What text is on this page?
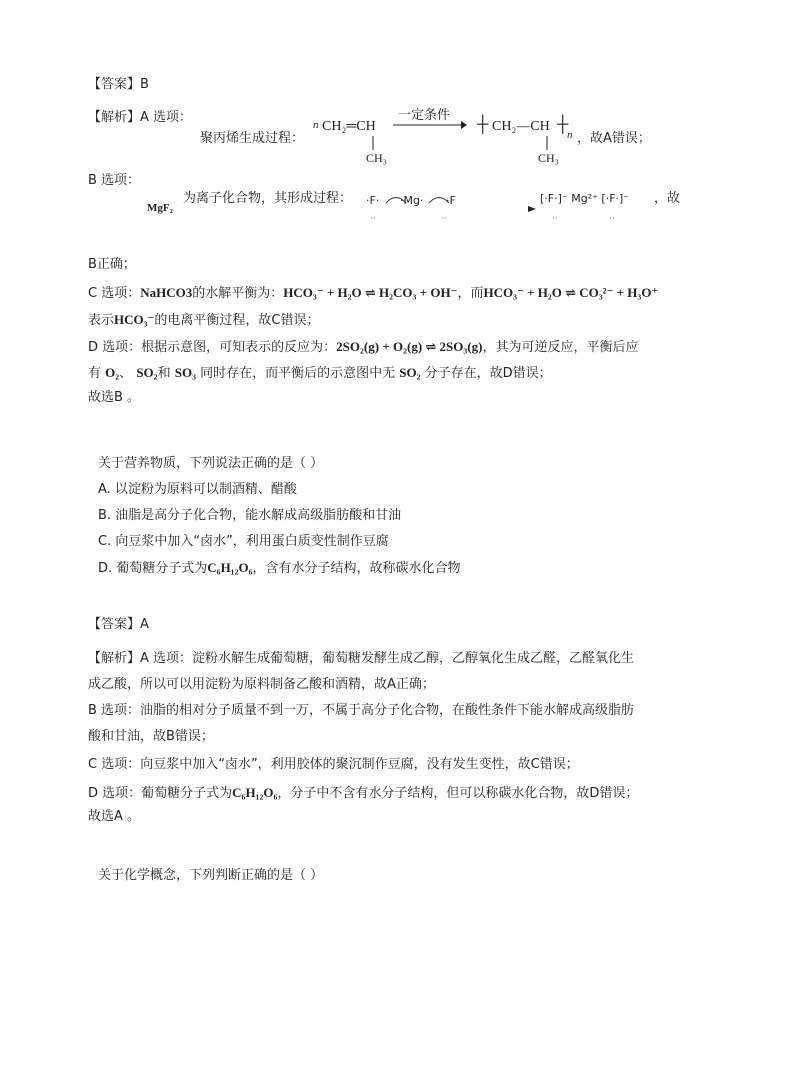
【答案】B
【解析】A 选项：
聚丙烯生成过程：
n CH₂═CH
CH₃
一定条件
┼ CH₂—CH ┼
n
CH₃
，故A错误；
B 选项：
MgF₂
为离子化合物，其形成过程： ·F· ·Mg· ·F
··                       ··
[·F·]⁻ Mg²⁺ [·F·]⁻
··                  ··
，故
B正确；
C 选项：NaHCO3的水解平衡为：HCO₃⁻ + H₂O ⇌ H₂CO₃ + OH⁻，而HCO₃⁻ + H₂O ⇌ CO₃²⁻ + H₃O⁺
表示HCO₃⁻的电离平衡过程，故C错误；
D 选项：根据示意图，可知表示的反应为：2SO₂(g) + O₂(g) ⇌ 2SO₃(g)，其为可逆反应，平衡后应
有 O₂、 SO₂和 SO₃ 同时存在，而平衡后的示意图中无 SO₂ 分子存在，故D错误；
故选B 。
关于营养物质，下列说法正确的是（ ）
A. 以淀粉为原料可以制酒精、醋酸
B. 油脂是高分子化合物，能水解成高级脂肪酸和甘油
C. 向豆浆中加入“卤水”，利用蛋白质变性制作豆腐
D. 葡萄糖分子式为C₆H₁₂O₆，含有水分子结构，故称碳水化合物
【答案】A
【解析】A 选项：淀粉水解生成葡萄糖，葡萄糖发酵生成乙醇，乙醇氧化生成乙醛，乙醛氧化生
成乙酸，所以可以用淀粉为原料制备乙酸和酒精，故A正确；
B 选项：油脂的相对分子质量不到一万，不属于高分子化合物，在酸性条件下能水解成高级脂肪
酸和甘油，故B错误；
C 选项：向豆浆中加入“卤水”，利用胶体的聚沉制作豆腐，没有发生变性，故C错误；
D 选项：葡萄糖分子式为C₆H₁₂O₆，分子中不含有水分子结构，但可以称碳水化合物，故D错误；
故选A 。
关于化学概念，下列判断正确的是（ ）
